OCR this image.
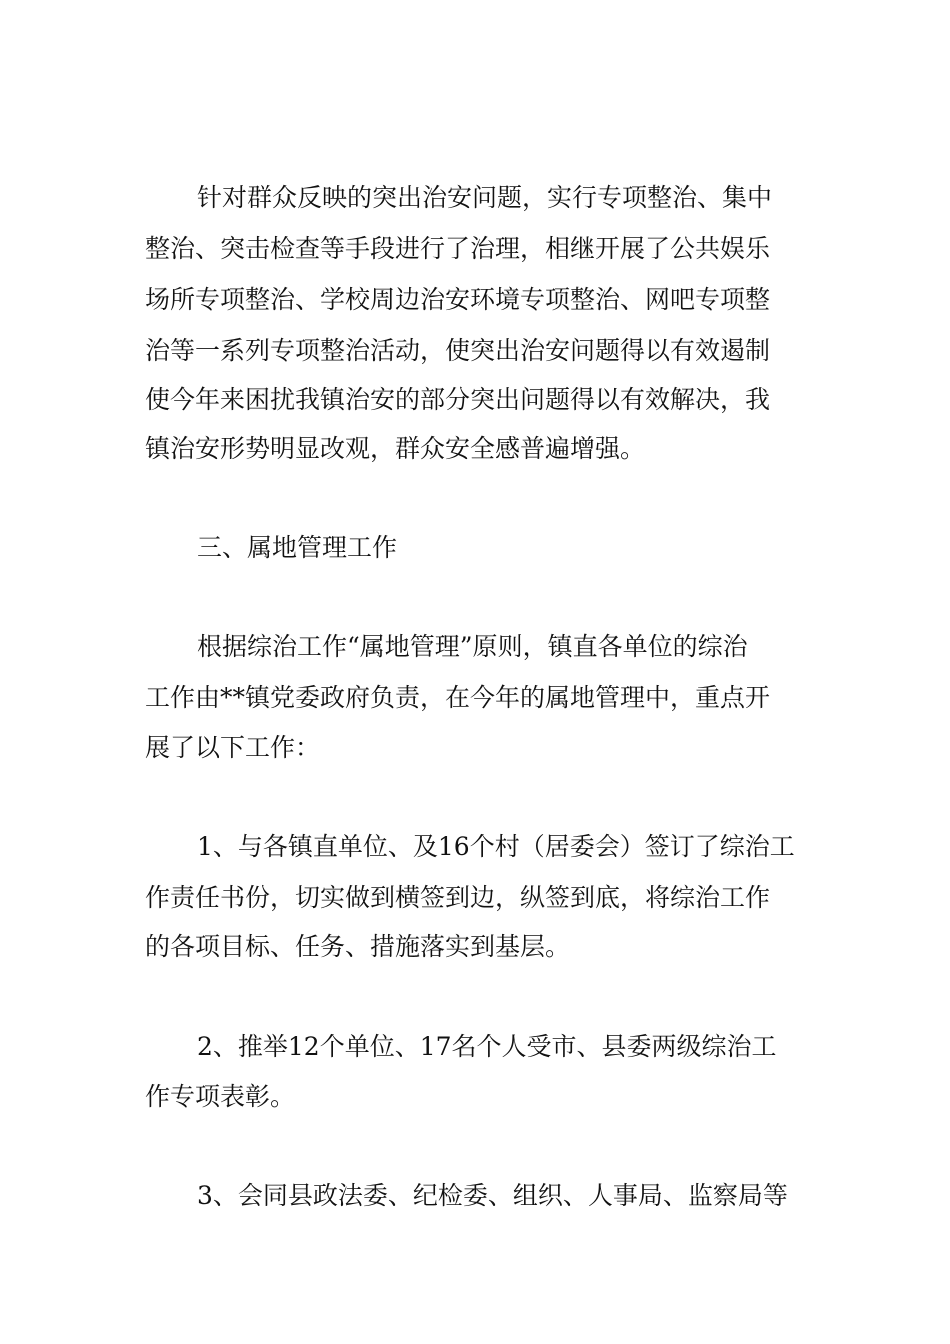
针对群众反映的突出治安问题，实行专项整治、集中
整治、突击检查等手段进行了治理，相继开展了公共娱乐
场所专项整治、学校周边治安环境专项整治、网吧专项整
治等一系列专项整治活动，使突出治安问题得以有效遏制
使今年来困扰我镇治安的部分突出问题得以有效解决，我
镇治安形势明显改观，群众安全感普遍增强。
三、属地管理工作
根据综治工作“属地管理”原则，镇直各单位的综治
工作由**镇党委政府负责，在今年的属地管理中，重点开
展了以下工作：
1、与各镇直单位、及16个村（居委会）签订了综治工
作责任书份，切实做到横签到边，纵签到底，将综治工作
的各项目标、任务、措施落实到基层。
2、推举12个单位、17名个人受市、县委两级综治工
作专项表彰。
3、会同县政法委、纪检委、组织、人事局、监察局等
